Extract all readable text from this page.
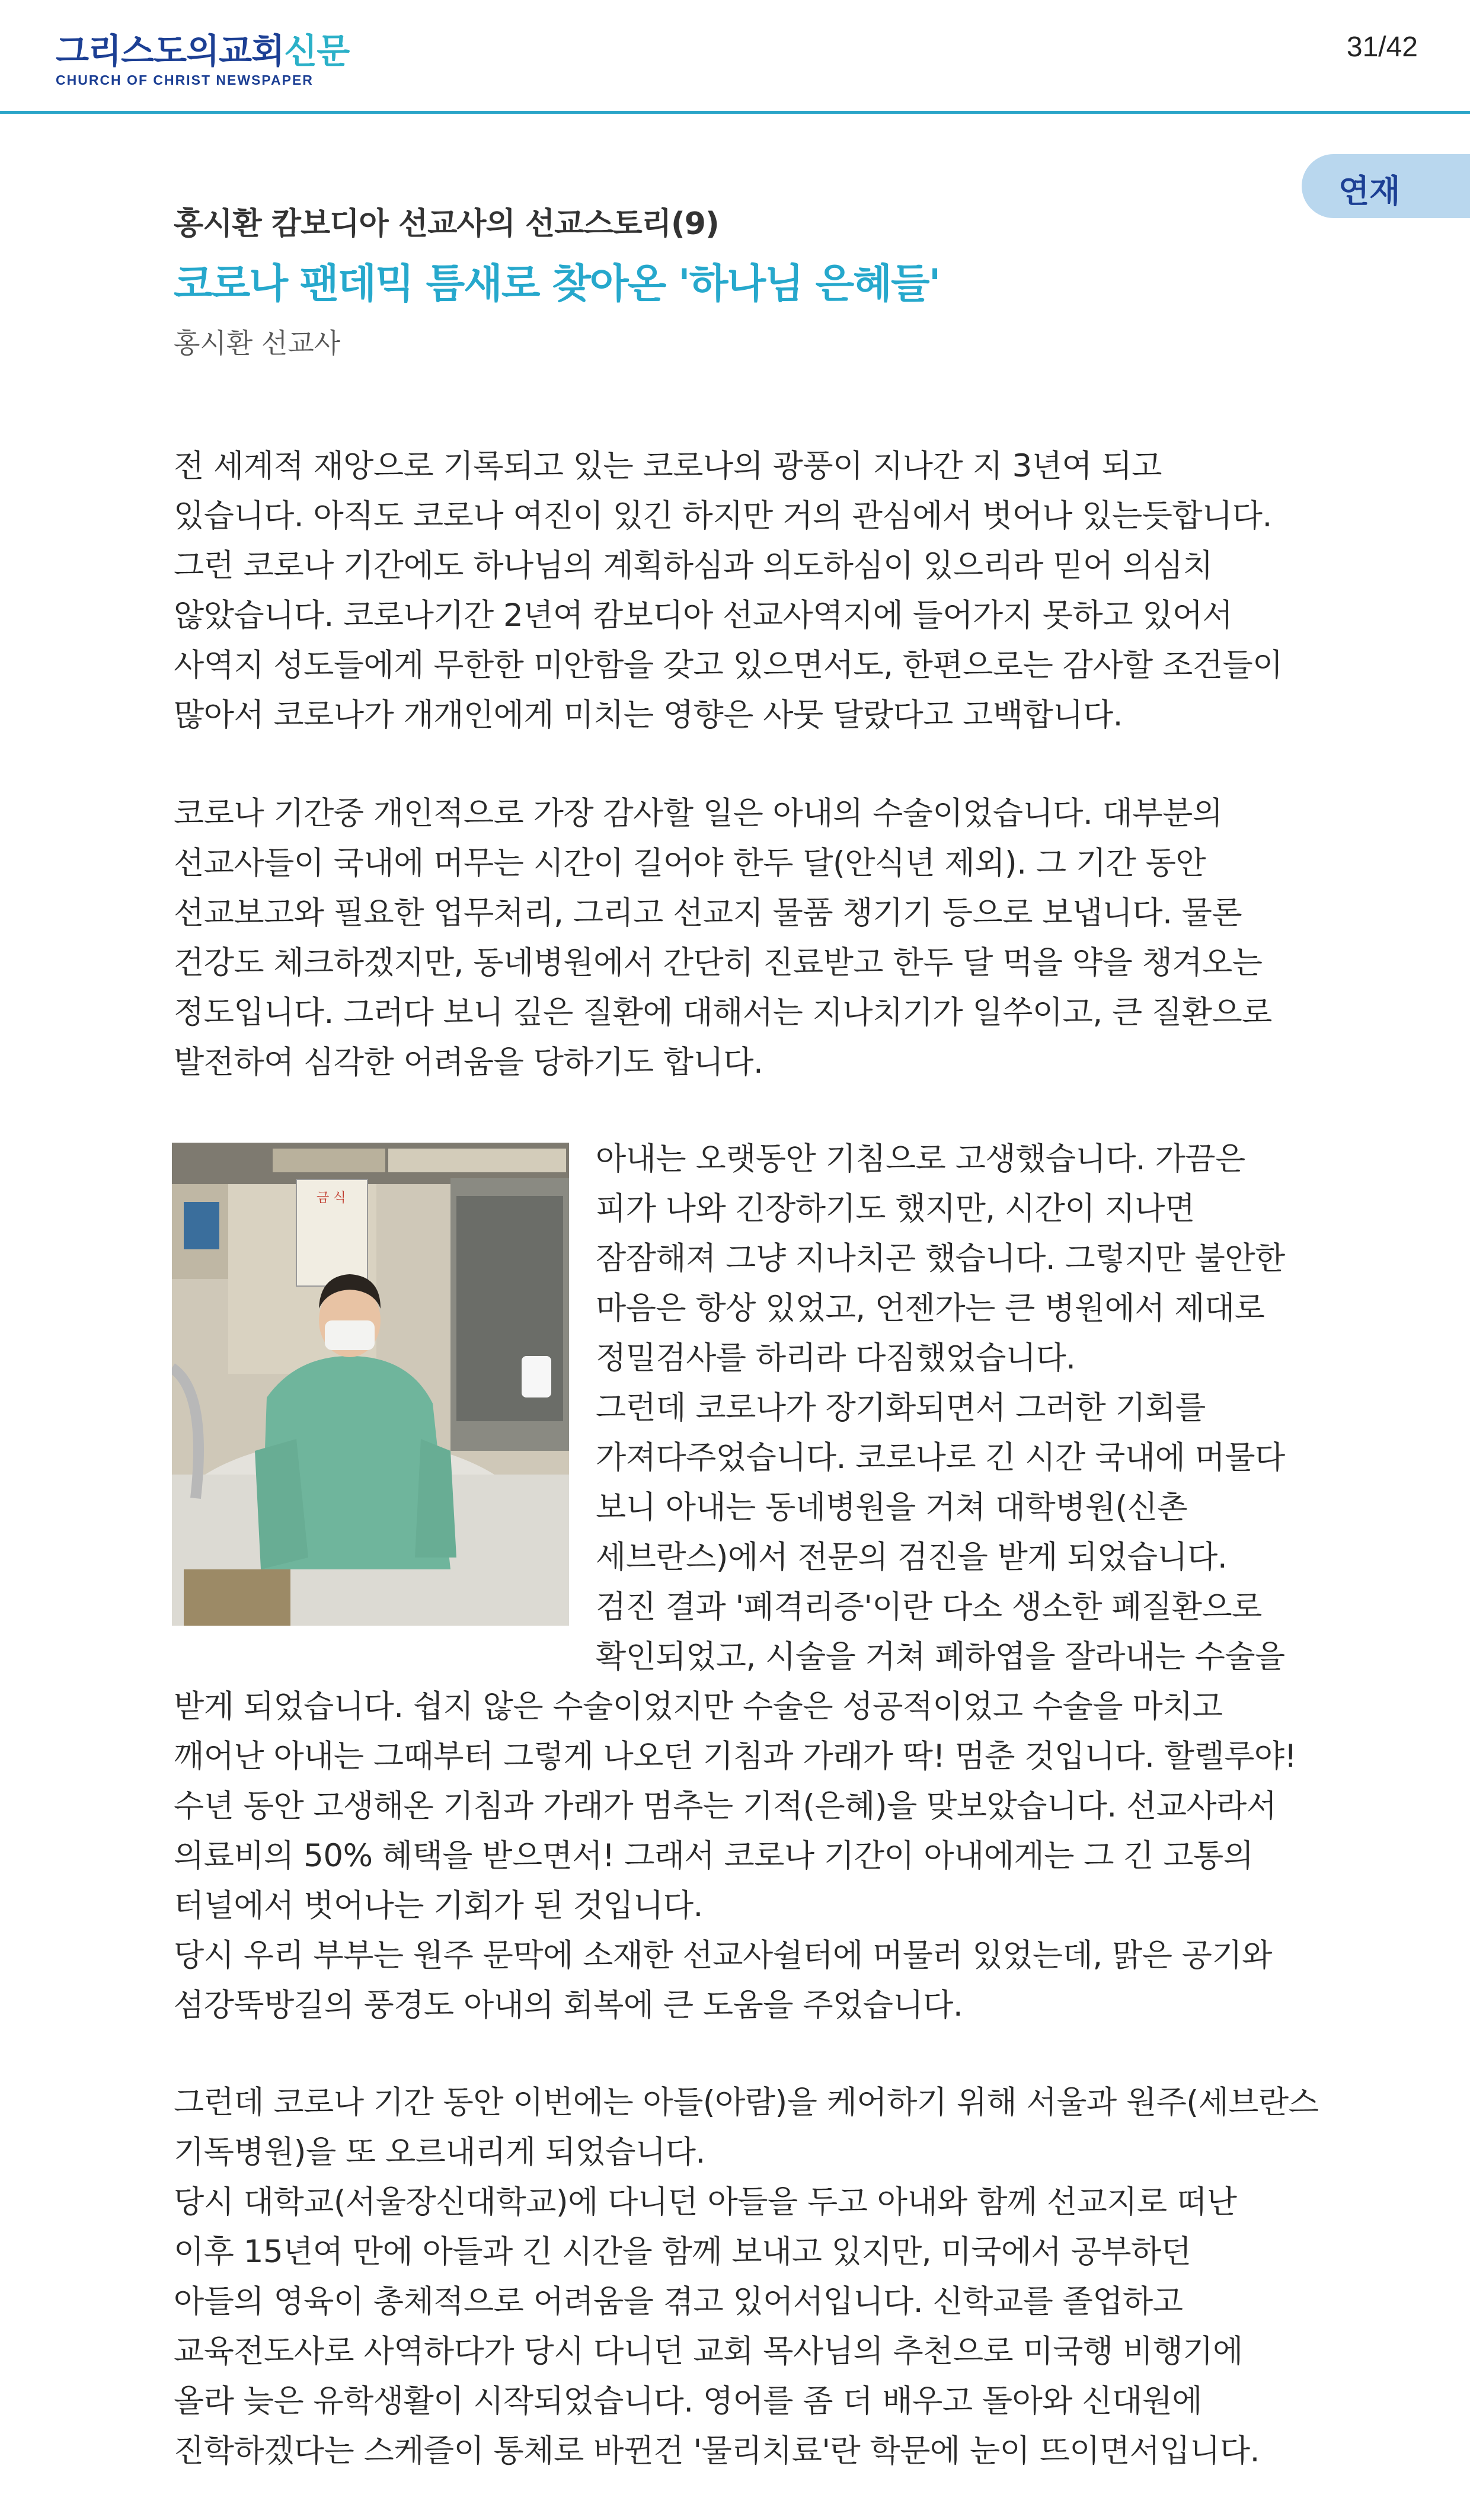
그리스도의교회신문
CHURCH OF CHRIST NEWSPAPER
31/42
연재
홍시환 캄보디아 선교사의 선교스토리(9)
코로나 팬데믹 틈새로 찾아온 '하나님 은혜들'
홍시환 선교사
전 세계적 재앙으로 기록되고 있는 코로나의 광풍이 지나간 지 3년여 되고
있습니다. 아직도 코로나 여진이 있긴 하지만 거의 관심에서 벗어나 있는듯합니다.
그런 코로나 기간에도 하나님의 계획하심과 의도하심이 있으리라 믿어 의심치
않았습니다. 코로나기간 2년여 캄보디아 선교사역지에 들어가지 못하고 있어서
사역지 성도들에게 무한한 미안함을 갖고 있으면서도, 한편으로는 감사할 조건들이
많아서 코로나가 개개인에게 미치는 영향은 사뭇 달랐다고 고백합니다.
코로나 기간중 개인적으로 가장 감사할 일은 아내의 수술이었습니다. 대부분의
선교사들이 국내에 머무는 시간이 길어야 한두 달(안식년 제외). 그 기간 동안
선교보고와 필요한 업무처리, 그리고 선교지 물품 챙기기 등으로 보냅니다. 물론
건강도 체크하겠지만, 동네병원에서 간단히 진료받고 한두 달 먹을 약을 챙겨오는
정도입니다. 그러다 보니 깊은 질환에 대해서는 지나치기가 일쑤이고, 큰 질환으로
발전하여 심각한 어려움을 당하기도 합니다.
금 식
아내는 오랫동안 기침으로 고생했습니다. 가끔은
피가 나와 긴장하기도 했지만, 시간이 지나면
잠잠해져 그냥 지나치곤 했습니다. 그렇지만 불안한
마음은 항상 있었고, 언젠가는 큰 병원에서 제대로
정밀검사를 하리라 다짐했었습니다.
그런데 코로나가 장기화되면서 그러한 기회를
가져다주었습니다. 코로나로 긴 시간 국내에 머물다
보니 아내는 동네병원을 거쳐 대학병원(신촌
세브란스)에서 전문의 검진을 받게 되었습니다.
검진 결과 '폐격리증'이란 다소 생소한 폐질환으로
확인되었고, 시술을 거쳐 폐하엽을 잘라내는 수술을
받게 되었습니다. 쉽지 않은 수술이었지만 수술은 성공적이었고 수술을 마치고
깨어난 아내는 그때부터 그렇게 나오던 기침과 가래가 딱! 멈춘 것입니다. 할렐루야!
수년 동안 고생해온 기침과 가래가 멈추는 기적(은혜)을 맞보았습니다. 선교사라서
의료비의 50% 혜택을 받으면서! 그래서 코로나 기간이 아내에게는 그 긴 고통의
터널에서 벗어나는 기회가 된 것입니다.
당시 우리 부부는 원주 문막에 소재한 선교사쉴터에 머물러 있었는데, 맑은 공기와
섬강뚝방길의 풍경도 아내의 회복에 큰 도움을 주었습니다.
그런데 코로나 기간 동안 이번에는 아들(아람)을 케어하기 위해 서울과 원주(세브란스
기독병원)을 또 오르내리게 되었습니다.
당시 대학교(서울장신대학교)에 다니던 아들을 두고 아내와 함께 선교지로 떠난
이후 15년여 만에 아들과 긴 시간을 함께 보내고 있지만, 미국에서 공부하던
아들의 영육이 총체적으로 어려움을 겪고 있어서입니다. 신학교를 졸업하고
교육전도사로 사역하다가 당시 다니던 교회 목사님의 추천으로 미국행 비행기에
올라 늦은 유학생활이 시작되었습니다. 영어를 좀 더 배우고 돌아와 신대원에
진학하겠다는 스케즐이 통체로 바뀐건 '물리치료'란 학문에 눈이 뜨이면서입니다.
